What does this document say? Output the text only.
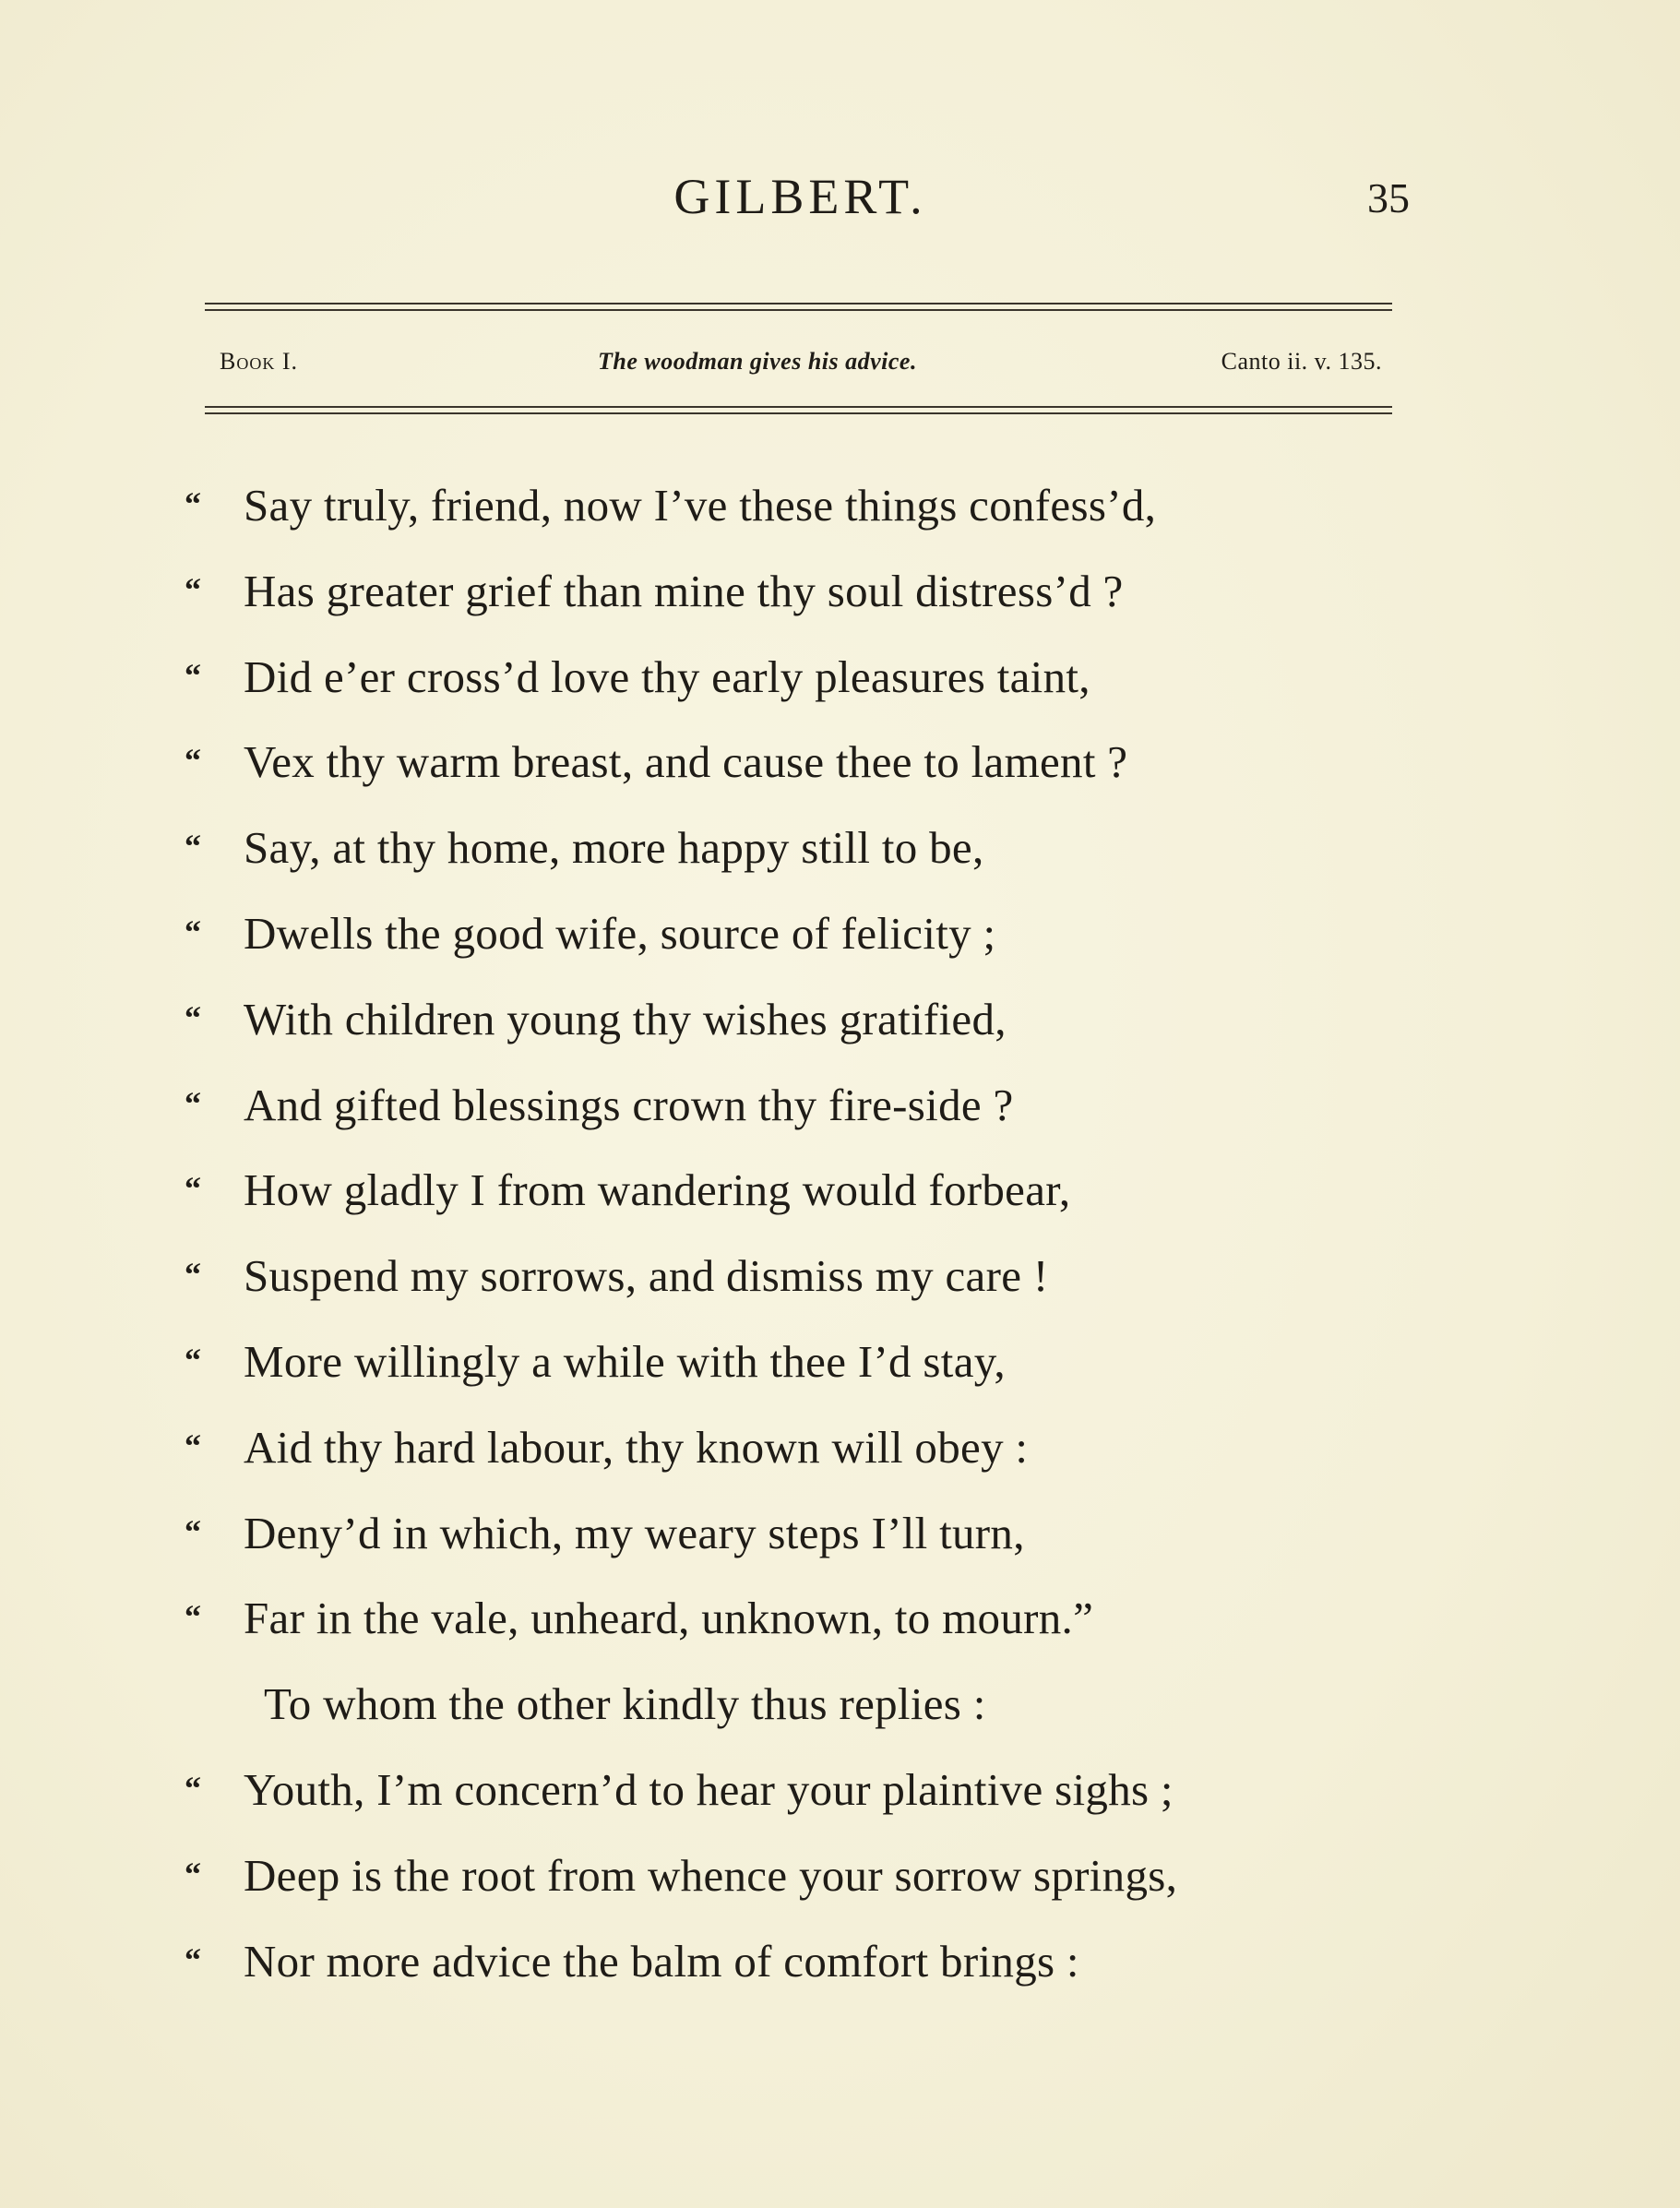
GILBERT.	35
Book I.	The woodman gives his advice.	Canto ii. v. 135.
“ Say truly, friend, now I’ve these things confess’d,
“ Has greater grief than mine thy soul distress’d ?
“ Did e’er cross’d love thy early pleasures taint,
“ Vex thy warm breast, and cause thee to lament ?
“ Say, at thy home, more happy still to be,
“ Dwells the good wife, source of felicity ;
“ With children young thy wishes gratified,
“ And gifted blessings crown thy fire-side ?
“ How gladly I from wandering would forbear,
“ Suspend my sorrows, and dismiss my care !
“ More willingly a while with thee I’d stay,
“ Aid thy hard labour, thy known will obey :
“ Deny’d in which, my weary steps I’ll turn,
“ Far in the vale, unheard, unknown, to mourn.”
To whom the other kindly thus replies :
“ Youth, I’m concern’d to hear your plaintive sighs ;
“ Deep is the root from whence your sorrow springs,
“ Nor more advice the balm of comfort brings :
